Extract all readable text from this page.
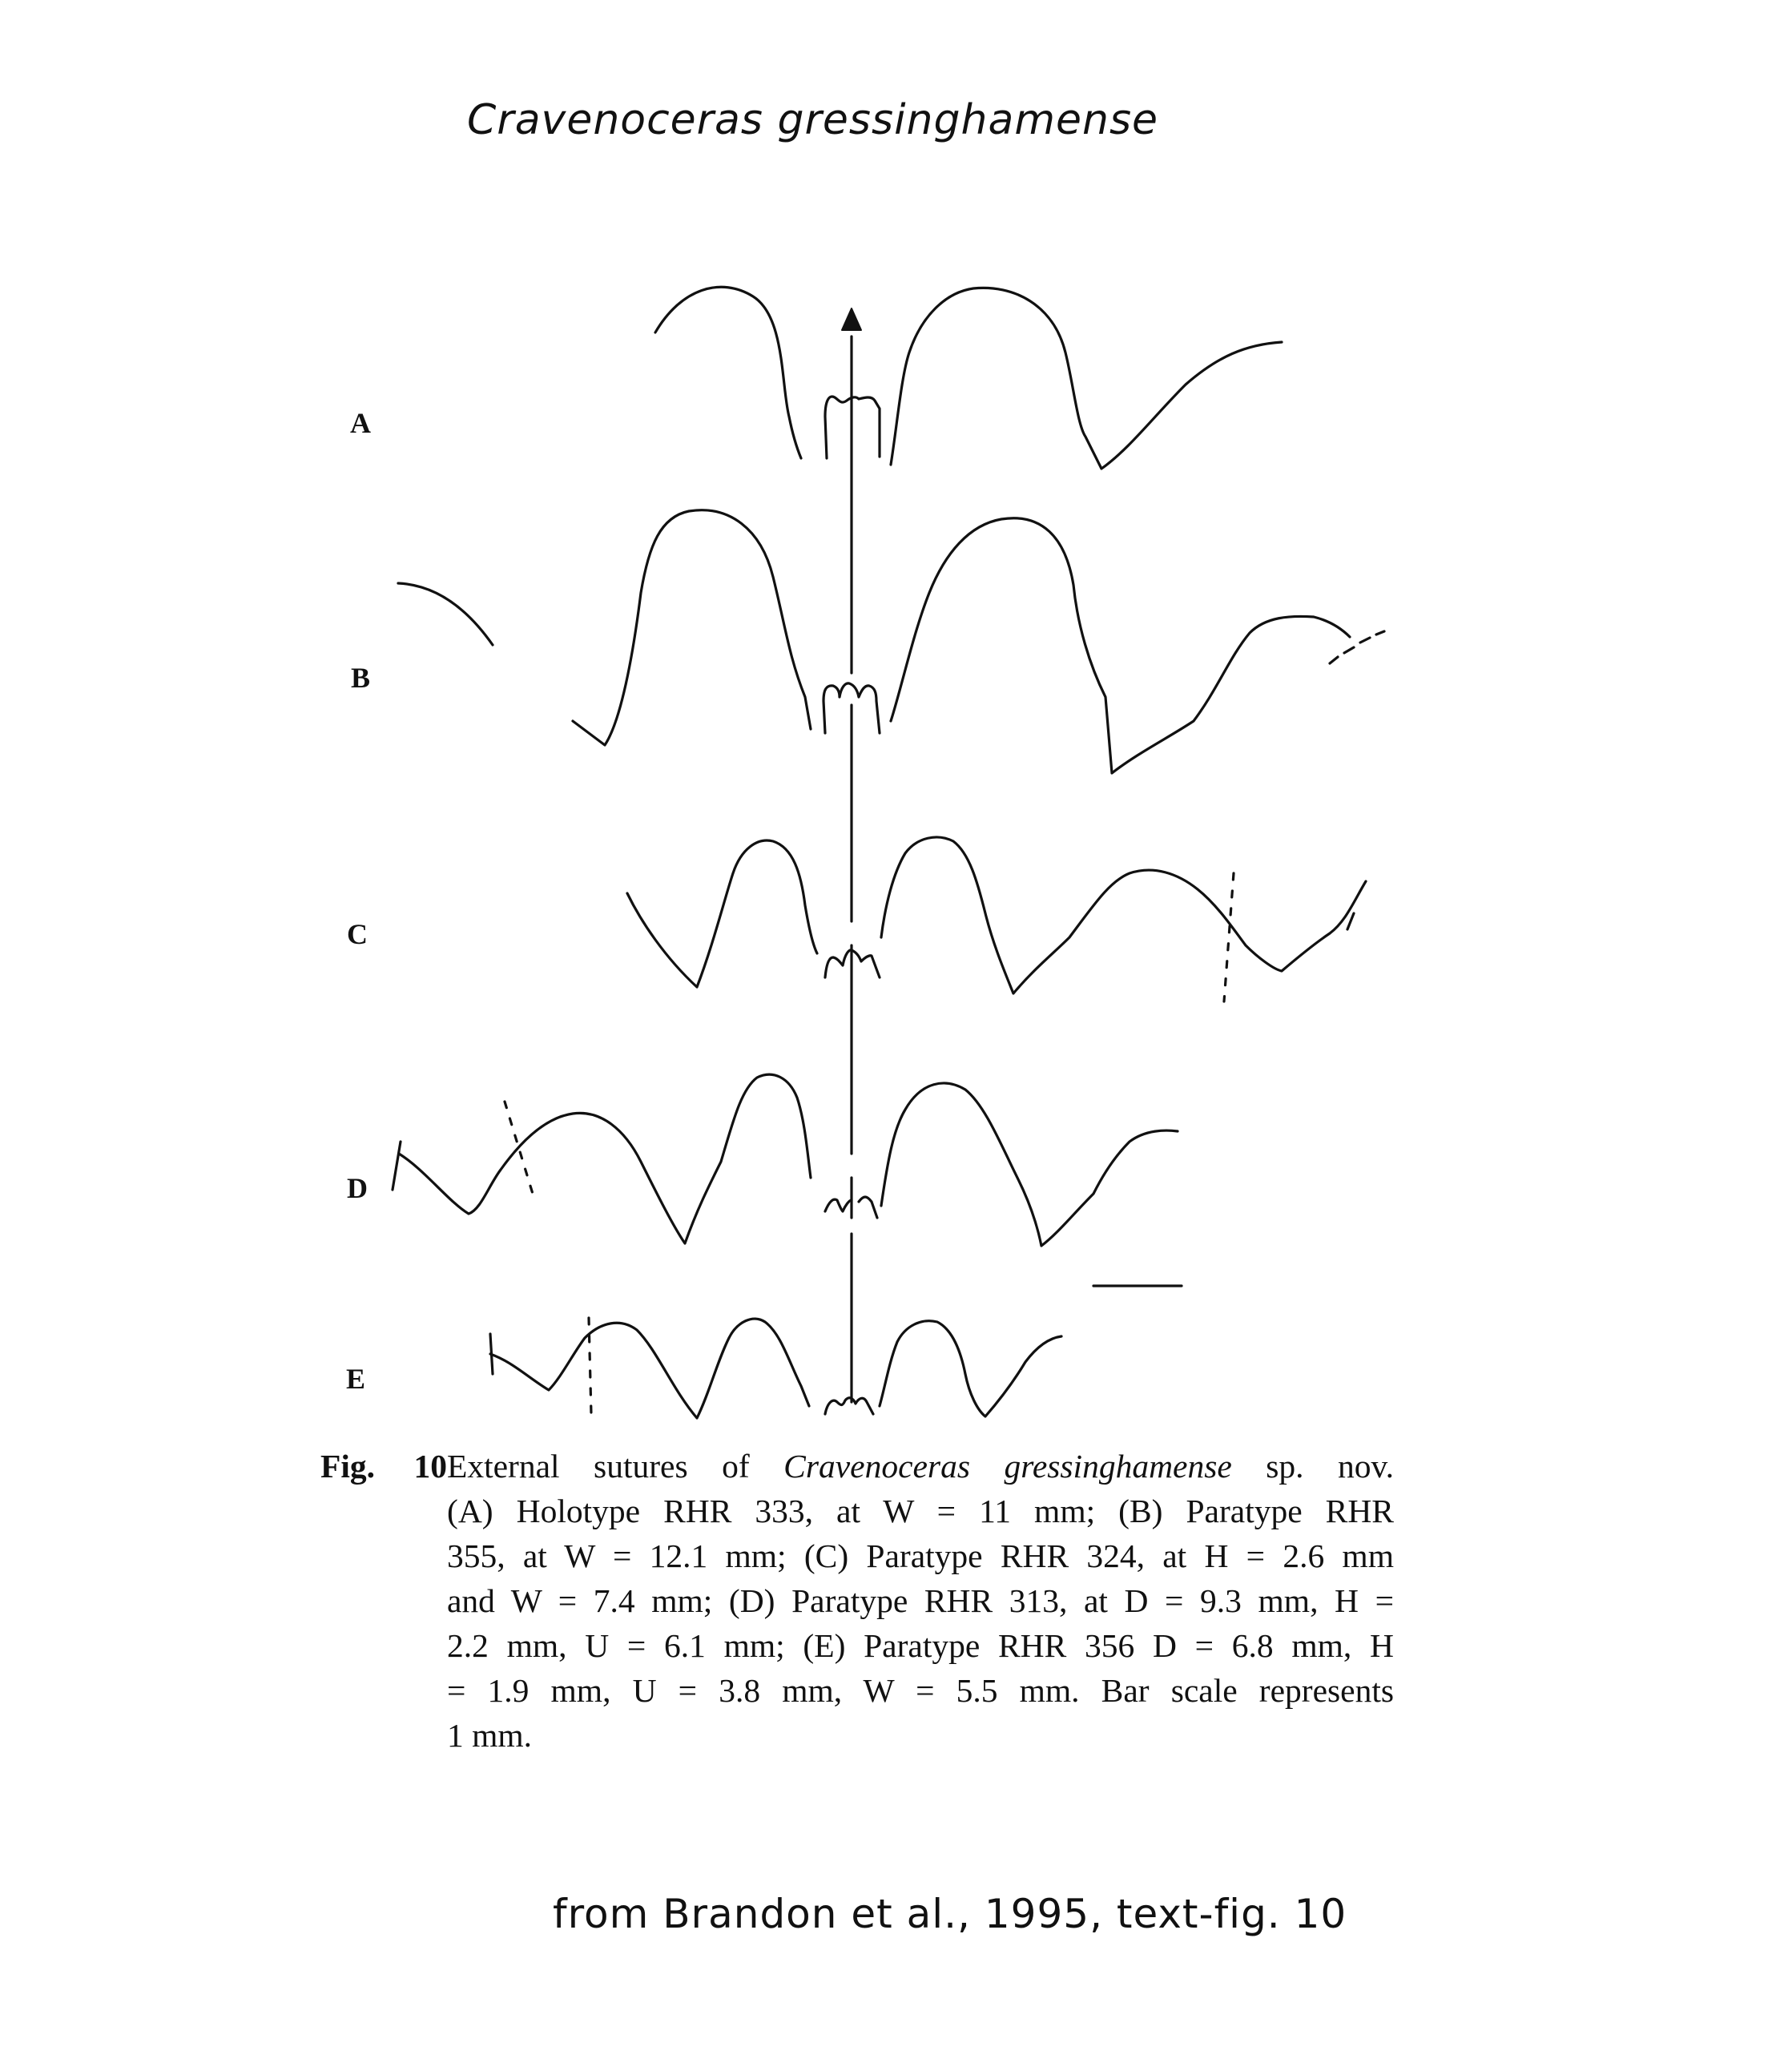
Cravenoceras gressinghamense
A
B
C
D
E
Fig. 10External sutures of Cravenoceras gressinghamense sp. nov.
(A) Holotype RHR 333, at W = 11 mm; (B) Paratype RHR
355, at W = 12.1 mm; (C) Paratype RHR 324, at H = 2.6 mm
and W = 7.4 mm; (D) Paratype RHR 313, at D = 9.3 mm, H =
2.2 mm, U = 6.1 mm; (E) Paratype RHR 356 D = 6.8 mm, H
= 1.9 mm, U = 3.8 mm, W = 5.5 mm. Bar scale represents
1 mm.
from Brandon et al., 1995, text-fig. 10
